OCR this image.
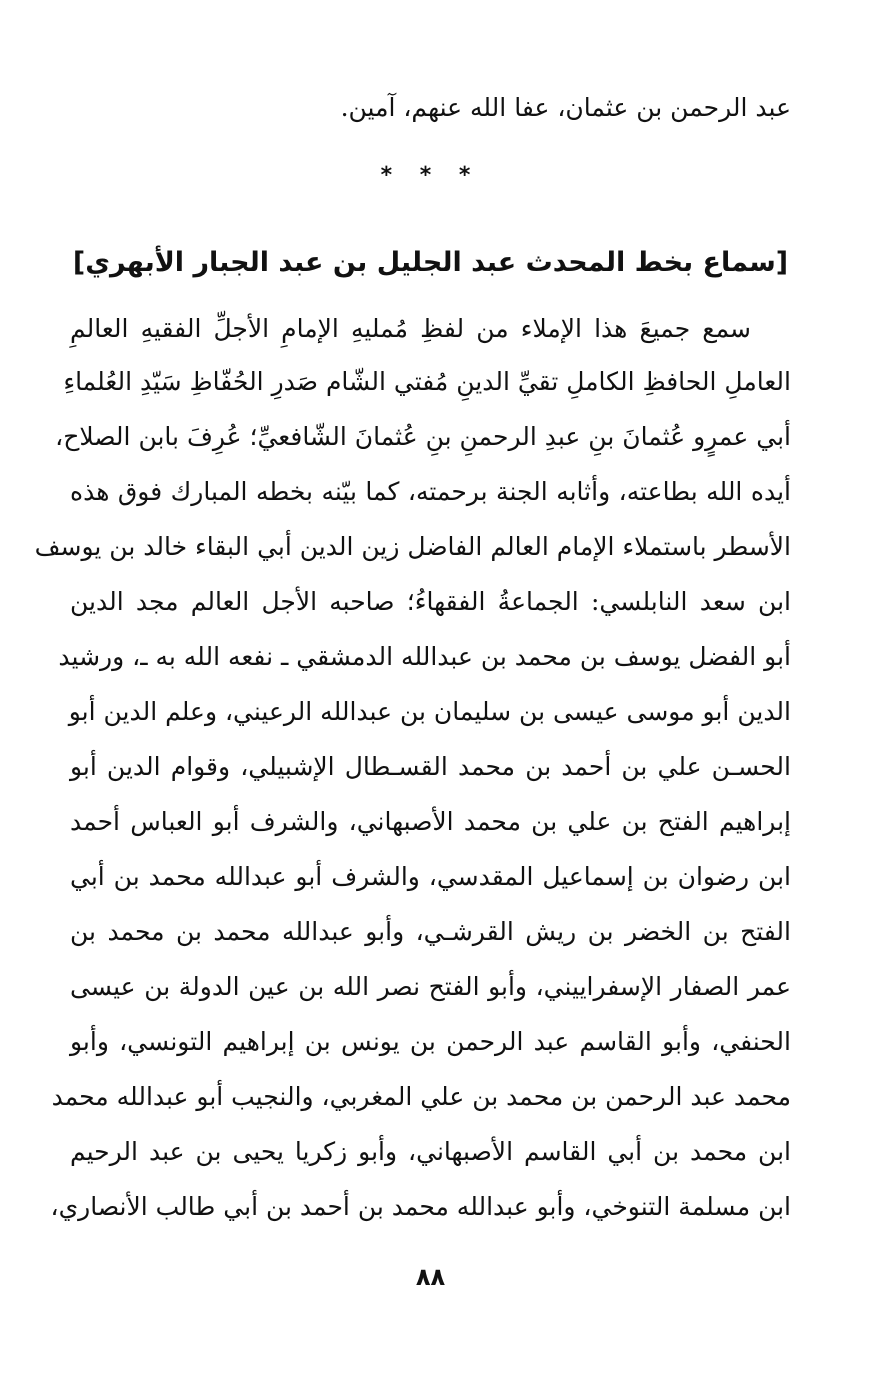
عبد الرحمن بن عثمان، عفا الله عنهم، آمين.
* * *
[سماع بخط المحدث عبد الجليل بن عبد الجبار الأبهري]
سمع جميعَ هذا الإملاء من لفظِ مُمليهِ الإمامِ الأجلِّ الفقيهِ العالمِ
العاملِ الحافظِ الكاملِ تقيِّ الدينِ مُفتي الشّام صَدرِ الحُفّاظِ سَيّدِ العُلماءِ
أبي عمرٍو عُثمانَ بنِ عبدِ الرحمنِ بنِ عُثمانَ الشّافعيِّ؛ عُرِفَ بابن الصلاح،
أيده الله بطاعته، وأثابه الجنة برحمته، كما بيّنه بخطه المبارك فوق هذه
الأسطر باستملاء الإمام العالم الفاضل زين الدين أبي البقاء خالد بن يوسف
ابن سعد النابلسي: الجماعةُ الفقهاءُ؛ صاحبه الأجل العالم مجد الدين
أبو الفضل يوسف بن محمد بن عبدالله الدمشقي ـ نفعه الله به ـ، ورشيد
الدين أبو موسى عيسى بن سليمان بن عبدالله الرعيني، وعلم الدين أبو
الحسـن علي بن أحمد بن محمد القسـطال الإشبيلي، وقوام الدين أبو
إبراهيم الفتح بن علي بن محمد الأصبهاني، والشرف أبو العباس أحمد
ابن رضوان بن إسماعيل المقدسي، والشرف أبو عبدالله محمد بن أبي
الفتح بن الخضر بن ريش القرشـي، وأبو عبدالله محمد بن محمد بن
عمر الصفار الإسفراييني، وأبو الفتح نصر الله بن عين الدولة بن عيسى
الحنفي، وأبو القاسم عبد الرحمن بن يونس بن إبراهيم التونسي، وأبو
محمد عبد الرحمن بن محمد بن علي المغربي، والنجيب أبو عبدالله محمد
ابن محمد بن أبي القاسم الأصبهاني، وأبو زكريا يحيى بن عبد الرحيم
ابن مسلمة التنوخي، وأبو عبدالله محمد بن أحمد بن أبي طالب الأنصاري،
٨٨
